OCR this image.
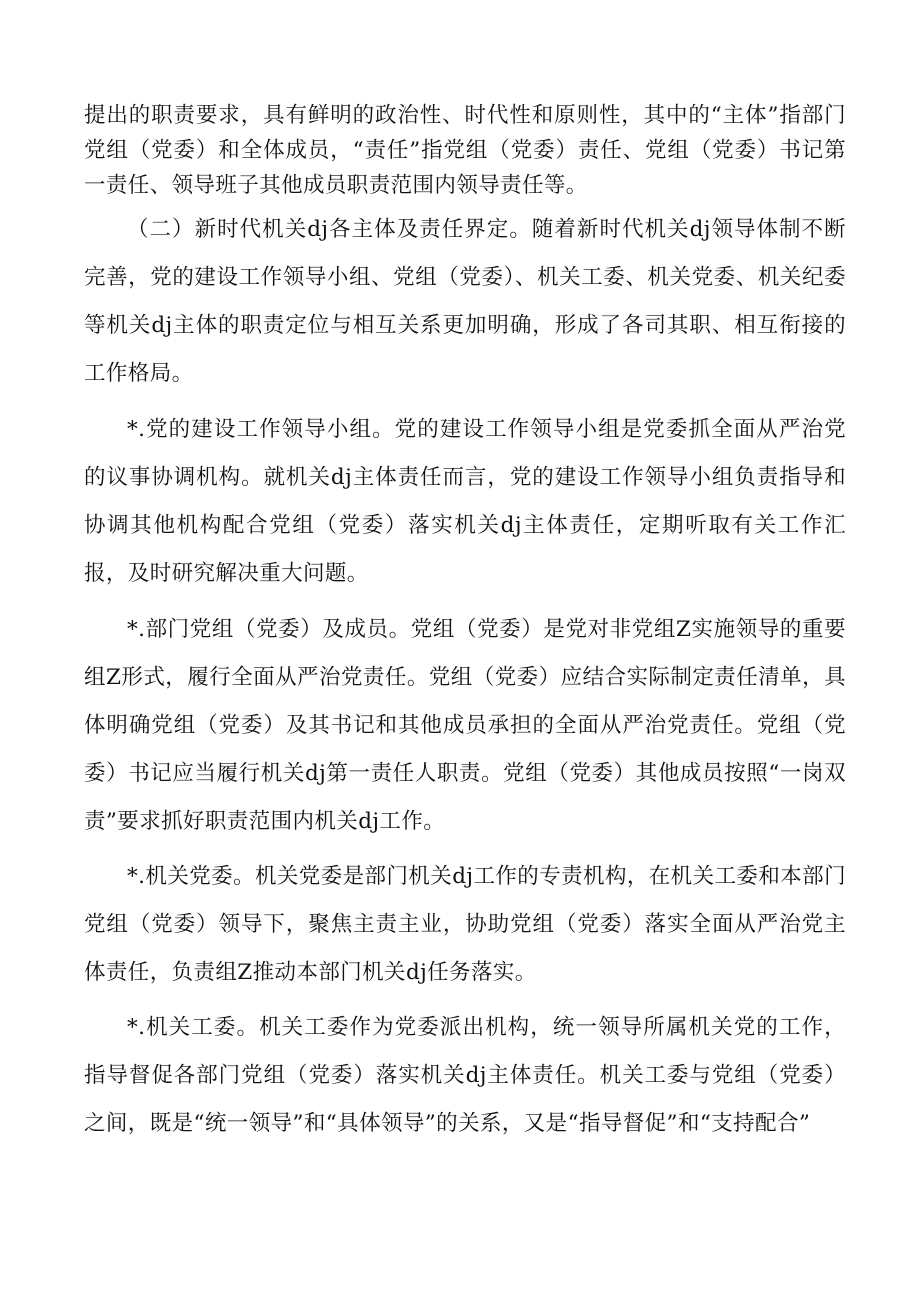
提出的职责要求，具有鲜明的政治性、时代性和原则性，其中的“主体”指部门党组（党委）和全体成员，“责任”指党组（党委）责任、党组（党委）书记第一责任、领导班子其他成员职责范围内领导责任等。

（二）新时代机关dj各主体及责任界定。随着新时代机关dj领导体制不断完善，党的建设工作领导小组、党组（党委）、机关工委、机关党委、机关纪委等机关dj主体的职责定位与相互关系更加明确，形成了各司其职、相互衔接的工作格局。

*.党的建设工作领导小组。党的建设工作领导小组是党委抓全面从严治党的议事协调机构。就机关dj主体责任而言，党的建设工作领导小组负责指导和协调其他机构配合党组（党委）落实机关dj主体责任，定期听取有关工作汇报，及时研究解决重大问题。

*.部门党组（党委）及成员。党组（党委）是党对非党组Z实施领导的重要组Z形式，履行全面从严治党责任。党组（党委）应结合实际制定责任清单，具体明确党组（党委）及其书记和其他成员承担的全面从严治党责任。党组（党委）书记应当履行机关dj第一责任人职责。党组（党委）其他成员按照“一岗双责”要求抓好职责范围内机关dj工作。

*.机关党委。机关党委是部门机关dj工作的专责机构，在机关工委和本部门党组（党委）领导下，聚焦主责主业，协助党组（党委）落实全面从严治党主体责任，负责组Z推动本部门机关dj任务落实。

*.机关工委。机关工委作为党委派出机构，统一领导所属机关党的工作，指导督促各部门党组（党委）落实机关dj主体责任。机关工委与党组（党委）之间，既是“统一领导”和“具体领导”的关系，又是“指导督促”和“支持配合”
